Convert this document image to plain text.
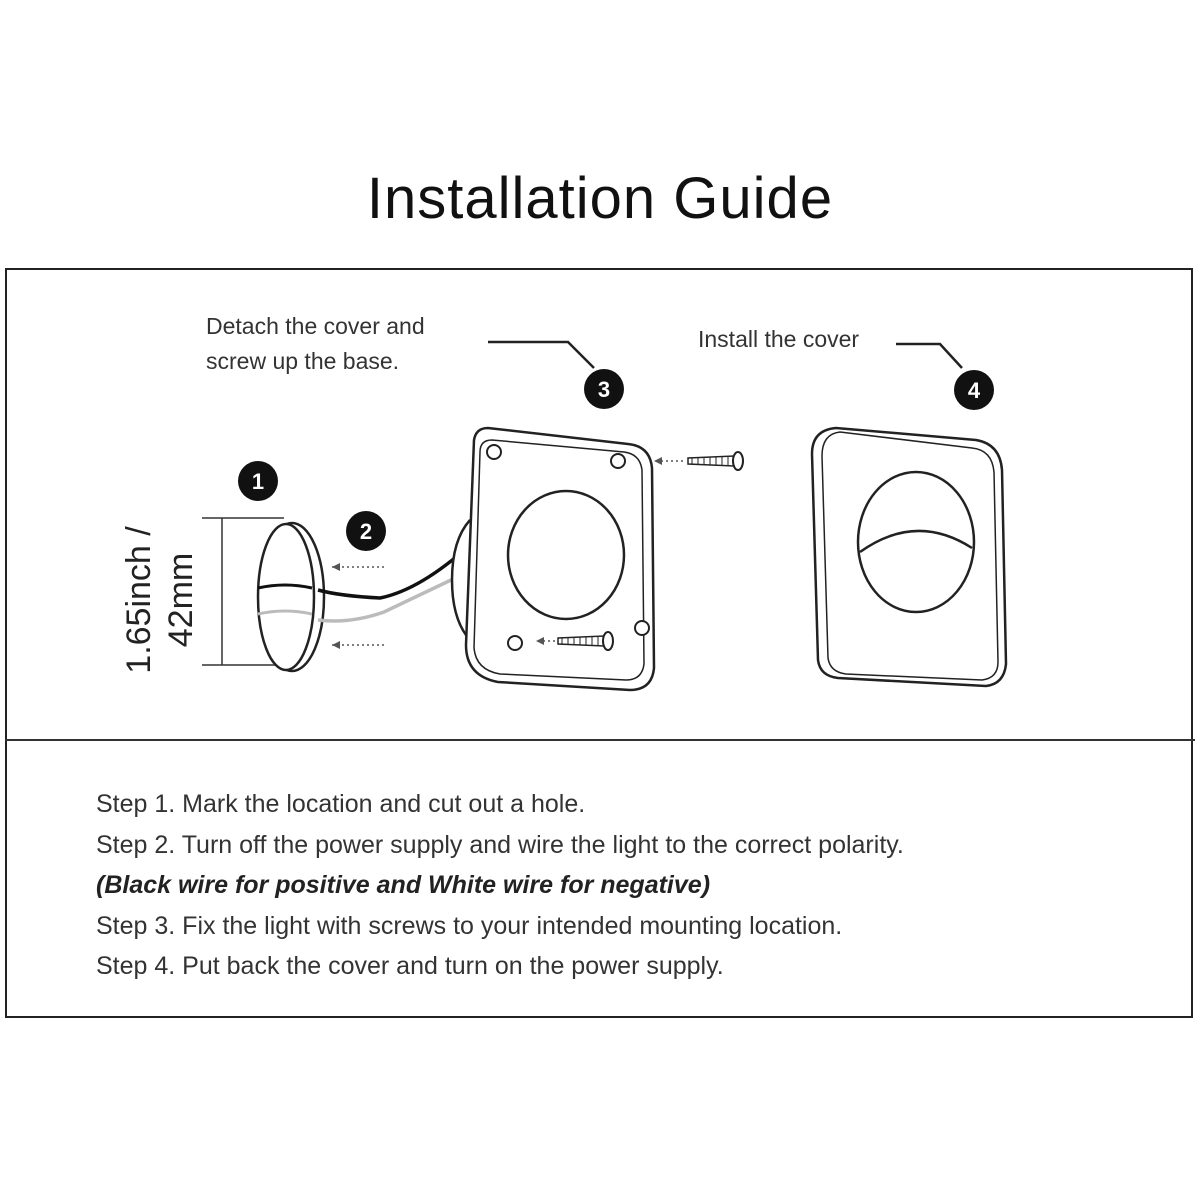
Installation Guide
Detach the cover and
screw up the base.
Install the cover
3	4
1
2
1.65inch / 42mm
Step 1. Mark the location and cut out a hole.
Step 2. Turn off the power supply and wire the light to the correct polarity.
(Black wire for positive and White wire for negative)
Step 3. Fix the light with screws to your intended mounting location.
Step 4. Put back the cover and turn on the power supply.
